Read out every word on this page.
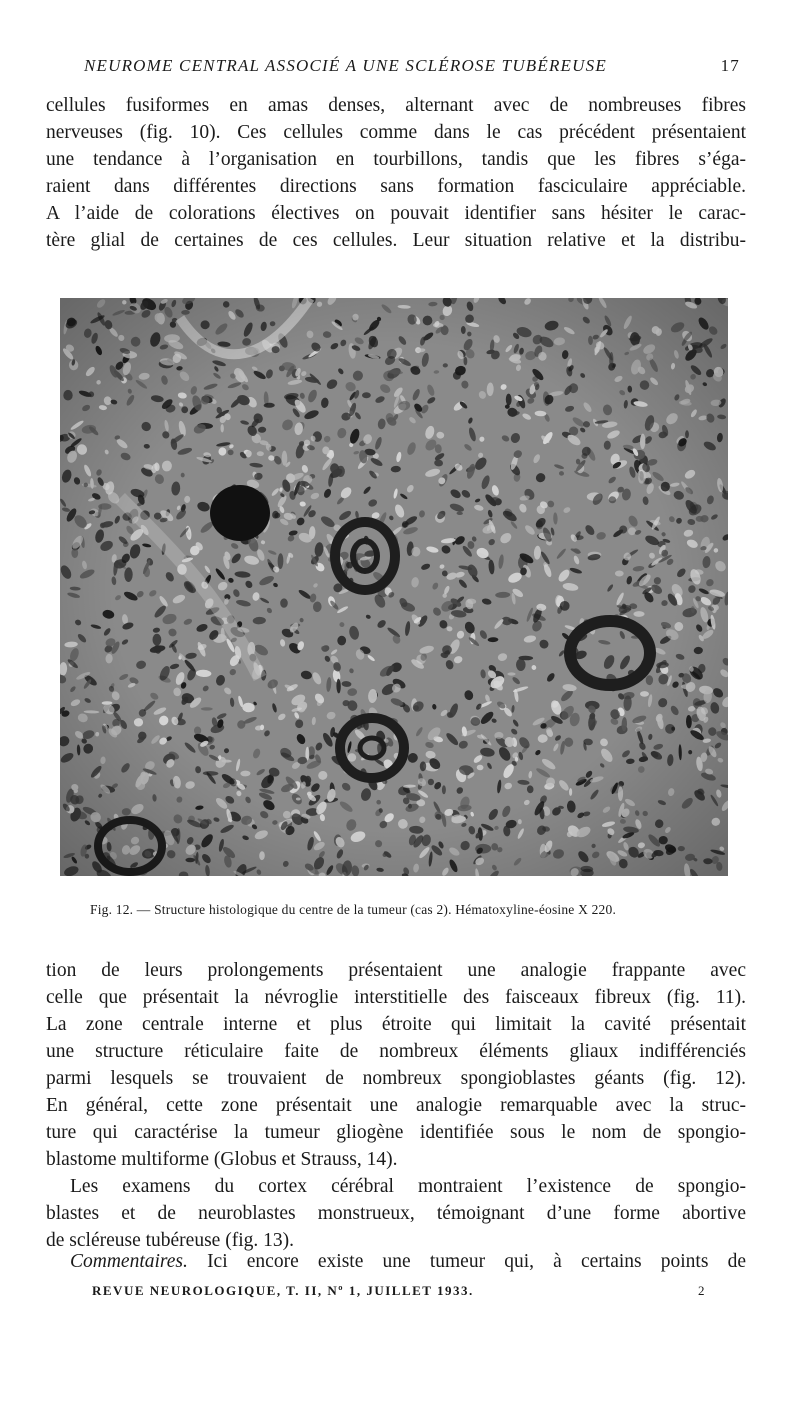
NEUROME CENTRAL ASSOCIÉ A UNE SCLÉROSE TUBÉREUSE	17

cellules fusiformes en amas denses, alternant avec de nombreuses fibres
nerveuses (fig. 10). Ces cellules comme dans le cas précédent présentaient
une tendance à l’organisation en tourbillons, tandis que les fibres s’éga-
raient dans différentes directions sans formation fasciculaire appréciable.
A l’aide de colorations électives on pouvait identifier sans hésiter le carac-
tère glial de certaines de ces cellules. Leur situation relative et la distribu-

Fig. 12. — Structure histologique du centre de la tumeur (cas 2). Hématoxyline-éosine X 220.

tion de leurs prolongements présentaient une analogie frappante avec
celle que présentait la névroglie interstitielle des faisceaux fibreux (fig. 11).
La zone centrale interne et plus étroite qui limitait la cavité présentait
une structure réticulaire faite de nombreux éléments gliaux indifférenciés
parmi lesquels se trouvaient de nombreux spongioblastes géants (fig. 12).
En général, cette zone présentait une analogie remarquable avec la struc-
ture qui caractérise la tumeur gliogène identifiée sous le nom de spongio-
blastome multiforme (Globus et Strauss, 14).

Les examens du cortex cérébral montraient l’existence de spongio-
blastes et de neuroblastes monstrueux, témoignant d’une forme abortive
de scléreuse tubéreuse (fig. 13).

Commentaires. Ici encore existe une tumeur qui, à certains points de

REVUE NEUROLOGIQUE, T. II, Nº 1, JUILLET 1933.	2
